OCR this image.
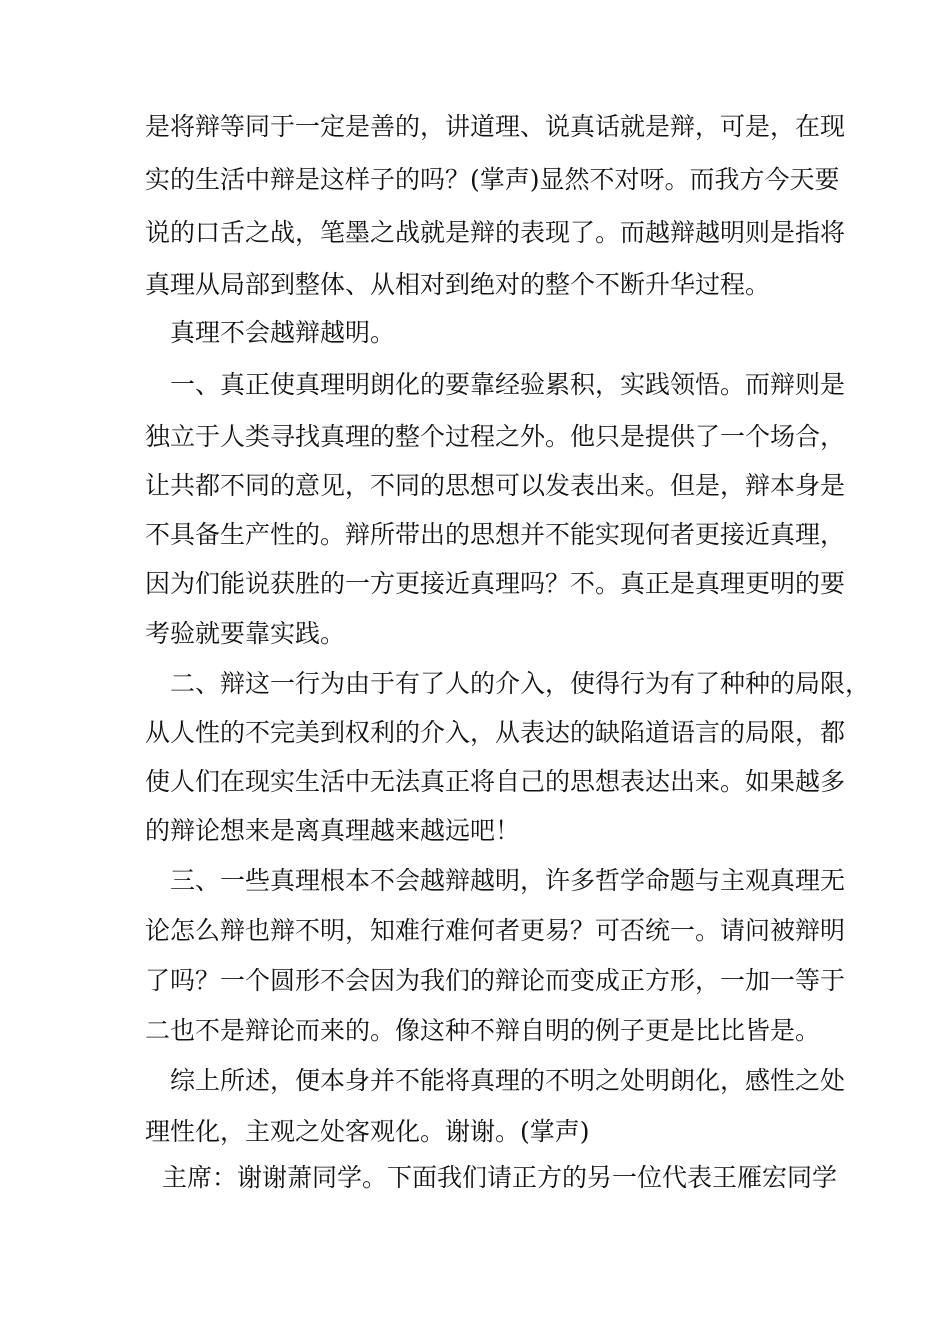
是将辩等同于一定是善的，讲道理、说真话就是辩，可是，在现

实的生活中辩是这样子的吗？(掌声)显然不对呀。而我方今天要

说的口舌之战，笔墨之战就是辩的表现了。而越辩越明则是指将

真理从局部到整体、从相对到绝对的整个不断升华过程。

真理不会越辩越明。

一、真正使真理明朗化的要靠经验累积，实践领悟。而辩则是

独立于人类寻找真理的整个过程之外。他只是提供了一个场合，

让共都不同的意见，不同的思想可以发表出来。但是，辩本身是

不具备生产性的。辩所带出的思想并不能实现何者更接近真理，

因为们能说获胜的一方更接近真理吗？不。真正是真理更明的要

考验就要靠实践。

二、辩这一行为由于有了人的介入，使得行为有了种种的局限，

从人性的不完美到权利的介入，从表达的缺陷道语言的局限，都

使人们在现实生活中无法真正将自己的思想表达出来。如果越多

的辩论想来是离真理越来越远吧！

三、一些真理根本不会越辩越明，许多哲学命题与主观真理无

论怎么辩也辩不明，知难行难何者更易？可否统一。请问被辩明

了吗？一个圆形不会因为我们的辩论而变成正方形，一加一等于

二也不是辩论而来的。像这种不辩自明的例子更是比比皆是。

综上所述，便本身并不能将真理的不明之处明朗化，感性之处

理性化，主观之处客观化。谢谢。(掌声)

主席：谢谢萧同学。下面我们请正方的另一位代表王雁宏同学
